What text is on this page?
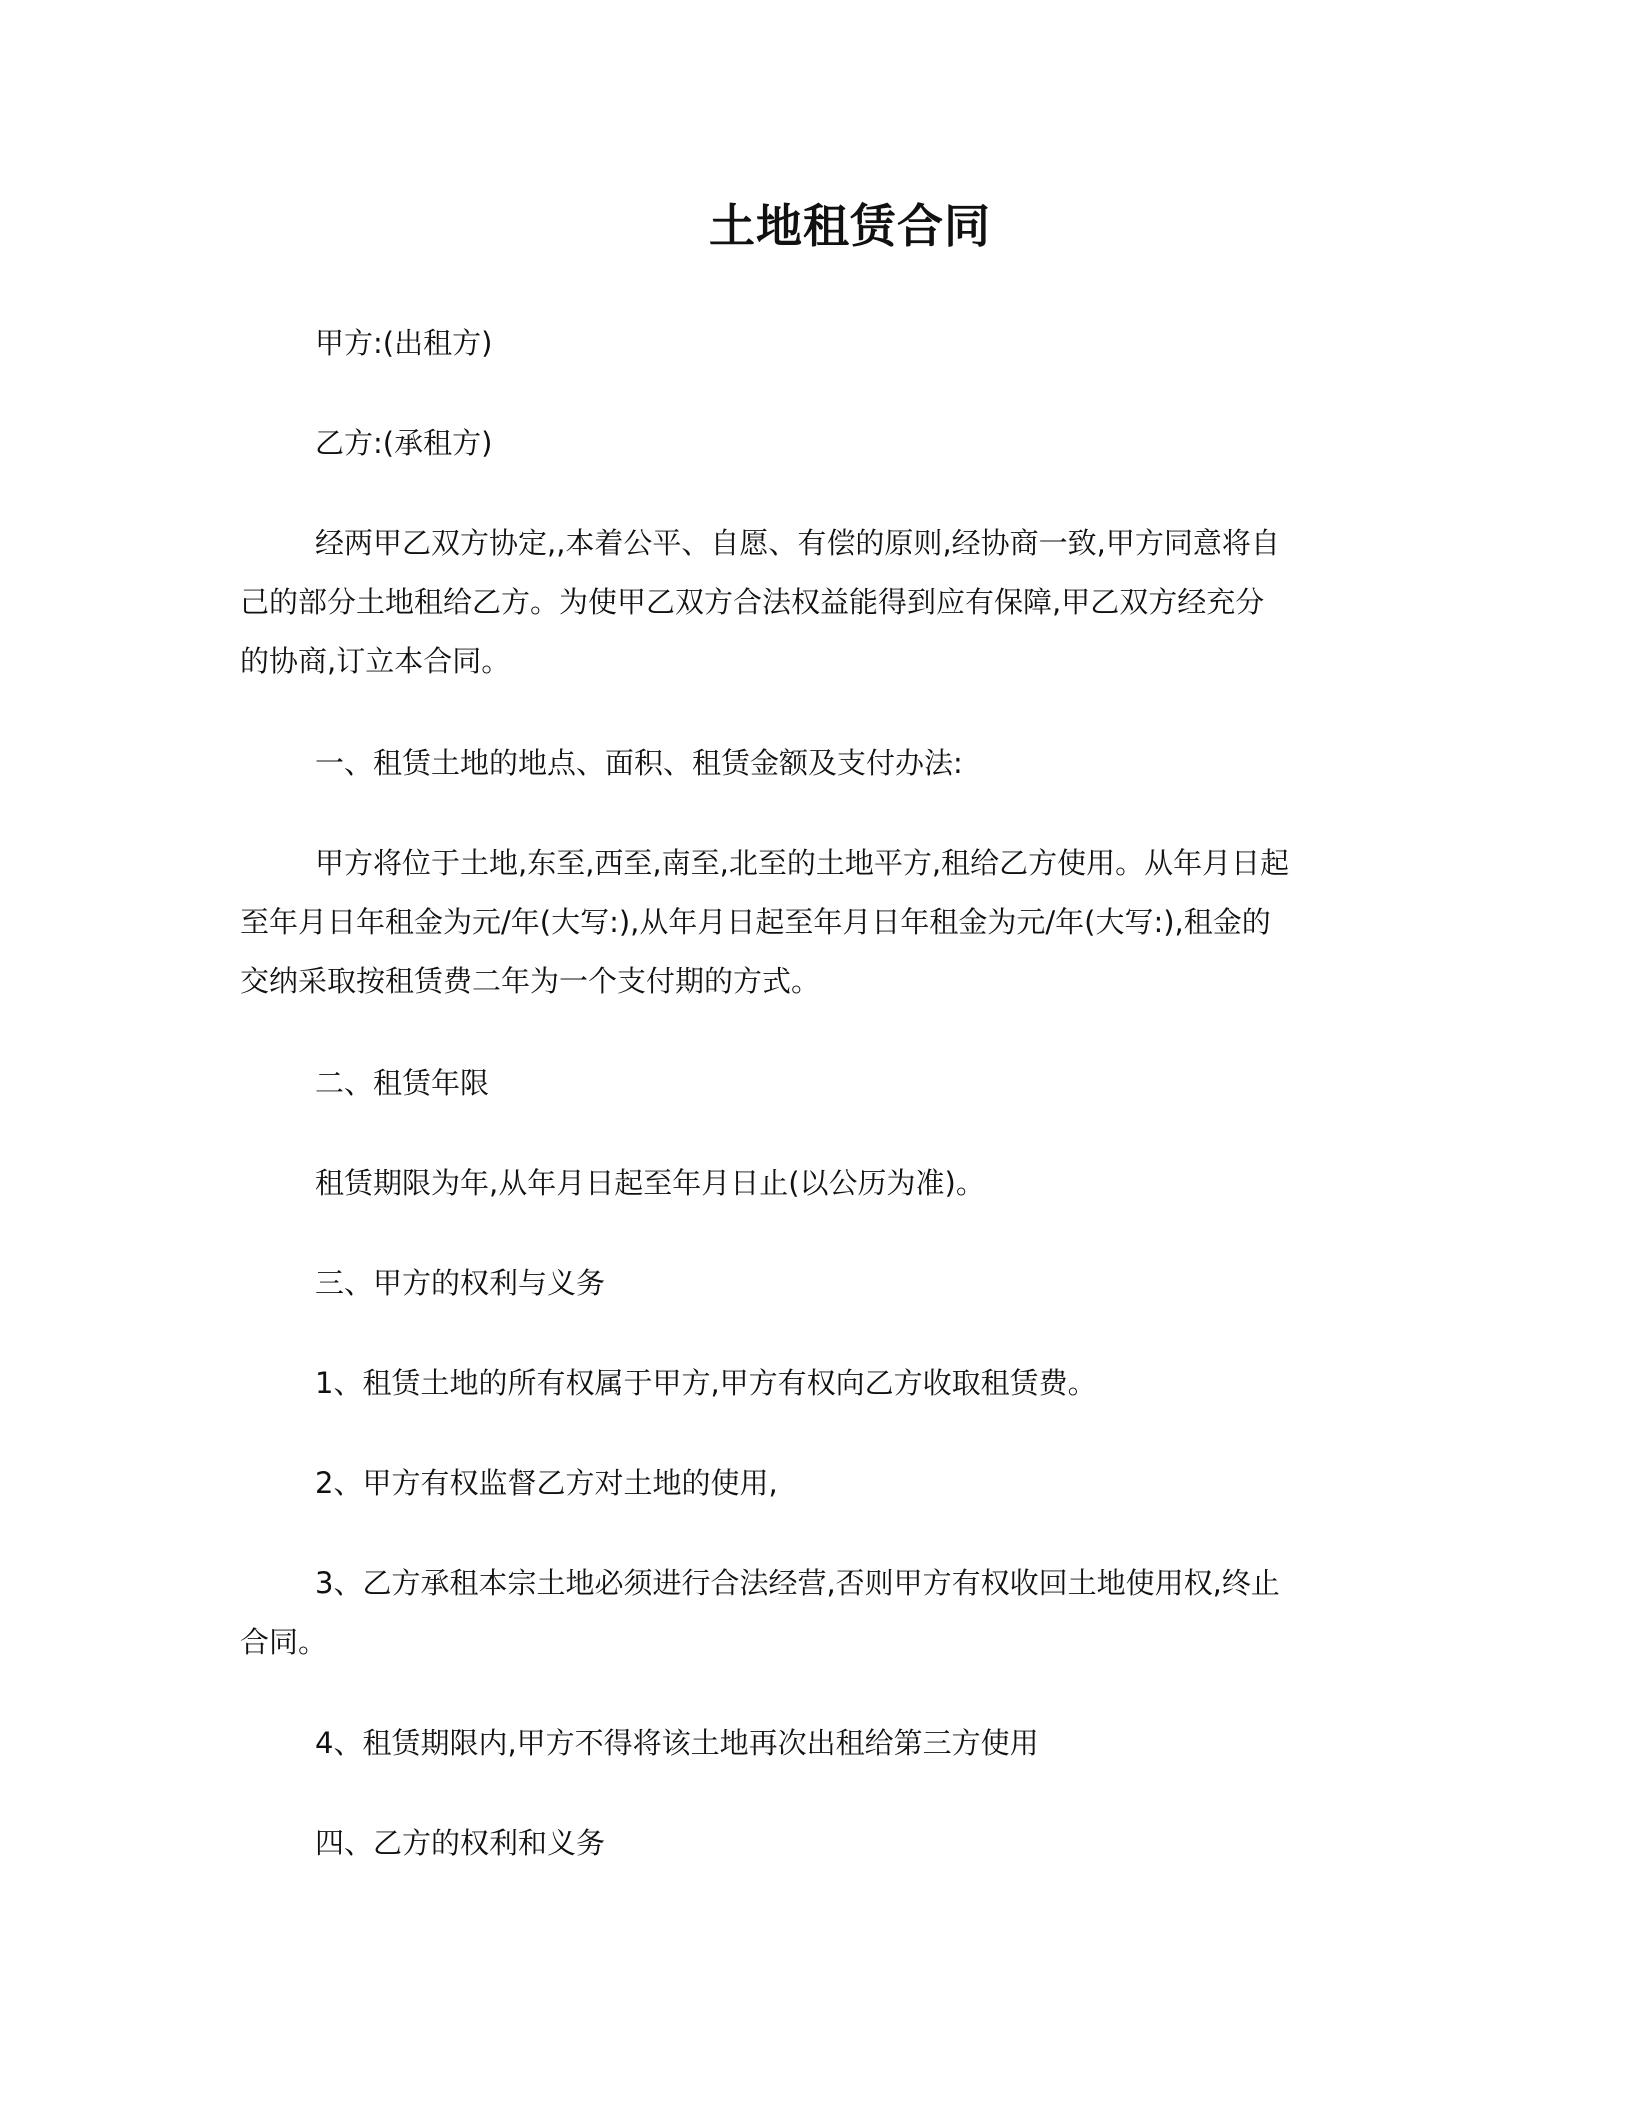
土地租赁合同
甲方:(出租方)
乙方:(承租方)
经两甲乙双方协定,,本着公平、自愿、有偿的原则,经协商一致,甲方同意将自
己的部分土地租给乙方。为使甲乙双方合法权益能得到应有保障,甲乙双方经充分
的协商,订立本合同。
一、租赁土地的地点、面积、租赁金额及支付办法:
甲方将位于土地,东至,西至,南至,北至的土地平方,租给乙方使用。从年月日起
至年月日年租金为元/年(大写:),从年月日起至年月日年租金为元/年(大写:),租金的
交纳采取按租赁费二年为一个支付期的方式。
二、租赁年限
租赁期限为年,从年月日起至年月日止(以公历为准)。
三、甲方的权利与义务
1、租赁土地的所有权属于甲方,甲方有权向乙方收取租赁费。
2、甲方有权监督乙方对土地的使用,
3、乙方承租本宗土地必须进行合法经营,否则甲方有权收回土地使用权,终止
合同。
4、租赁期限内,甲方不得将该土地再次出租给第三方使用
四、乙方的权利和义务
